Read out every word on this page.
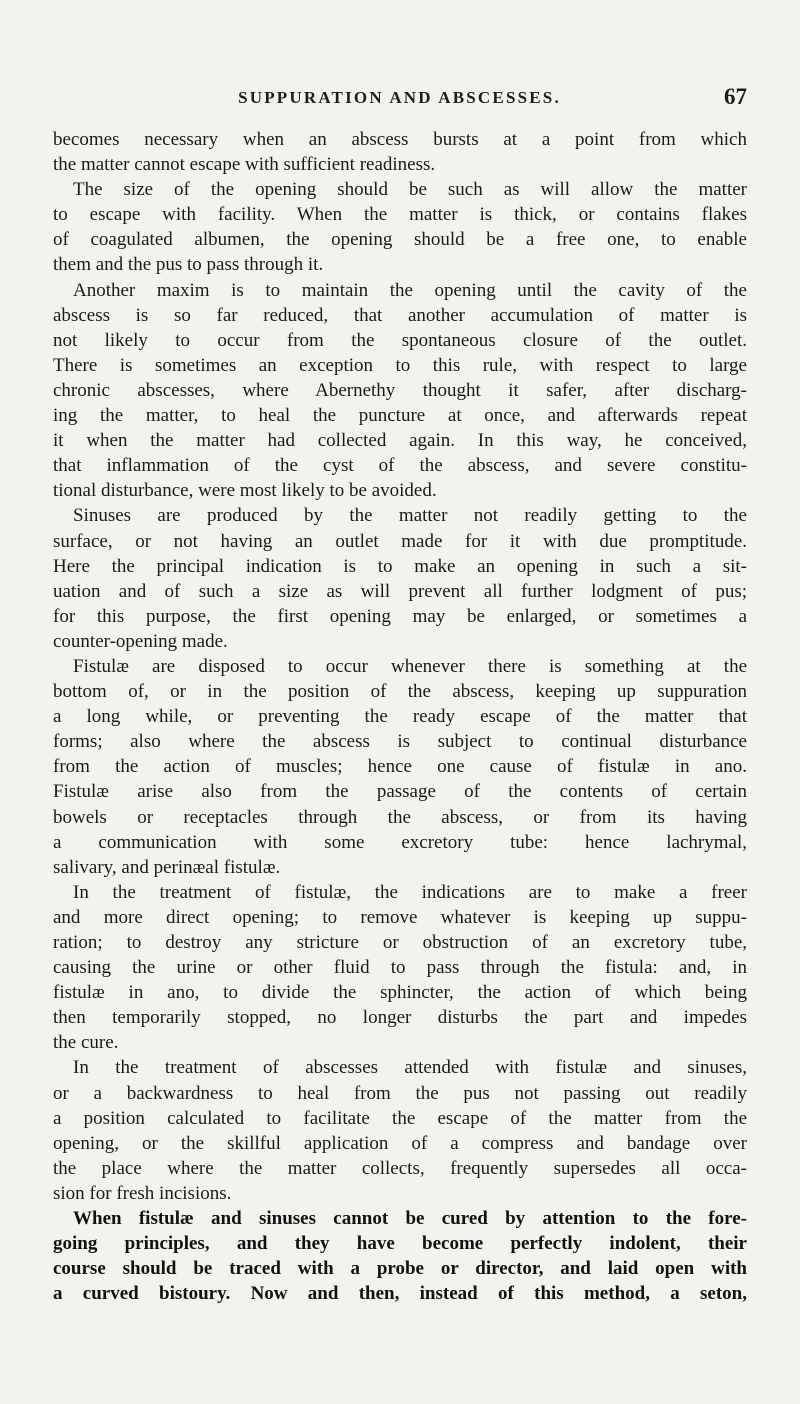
SUPPURATION AND ABSCESSES.	67
becomes necessary when an abscess bursts at a point from which
the matter cannot escape with sufficient readiness.
The size of the opening should be such as will allow the matter
to escape with facility. When the matter is thick, or contains flakes
of coagulated albumen, the opening should be a free one, to enable
them and the pus to pass through it.
Another maxim is to maintain the opening until the cavity of the
abscess is so far reduced, that another accumulation of matter is
not likely to occur from the spontaneous closure of the outlet.
There is sometimes an exception to this rule, with respect to large
chronic abscesses, where Abernethy thought it safer, after discharg-
ing the matter, to heal the puncture at once, and afterwards repeat
it when the matter had collected again. In this way, he conceived,
that inflammation of the cyst of the abscess, and severe constitu-
tional disturbance, were most likely to be avoided.
Sinuses are produced by the matter not readily getting to the
surface, or not having an outlet made for it with due promptitude.
Here the principal indication is to make an opening in such a sit-
uation and of such a size as will prevent all further lodgment of pus;
for this purpose, the first opening may be enlarged, or sometimes a
counter-opening made.
Fistulæ are disposed to occur whenever there is something at the
bottom of, or in the position of the abscess, keeping up suppuration
a long while, or preventing the ready escape of the matter that
forms; also where the abscess is subject to continual disturbance
from the action of muscles; hence one cause of fistulæ in ano.
Fistulæ arise also from the passage of the contents of certain
bowels or receptacles through the abscess, or from its having
a communication with some excretory tube: hence lachrymal,
salivary, and perinæal fistulæ.
In the treatment of fistulæ, the indications are to make a freer
and more direct opening; to remove whatever is keeping up suppu-
ration; to destroy any stricture or obstruction of an excretory tube,
causing the urine or other fluid to pass through the fistula: and, in
fistulæ in ano, to divide the sphincter, the action of which being
then temporarily stopped, no longer disturbs the part and impedes
the cure.
In the treatment of abscesses attended with fistulæ and sinuses,
or a backwardness to heal from the pus not passing out readily
a position calculated to facilitate the escape of the matter from the
opening, or the skillful application of a compress and bandage over
the place where the matter collects, frequently supersedes all occa-
sion for fresh incisions.
When fistulæ and sinuses cannot be cured by attention to the fore-
going principles, and they have become perfectly indolent, their
course should be traced with a probe or director, and laid open with
a curved bistoury. Now and then, instead of this method, a seton,
